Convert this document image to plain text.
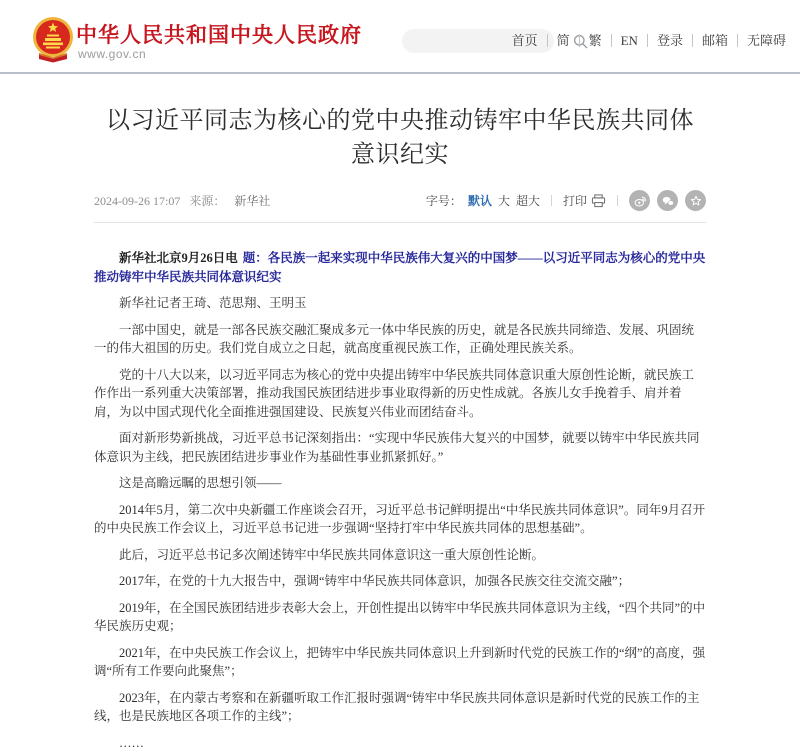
中华人民共和国中央人民政府
www.gov.cn
首页	简	繁	EN	登录	邮箱	无障碍
以习近平同志为核心的党中央推动铸牢中华民族共同体意识纪实
2024-09-26 17:07 来源： 新华社	字号： 默认 大 超大 打印

新华社北京9月26日电 题：各民族一起来实现中华民族伟大复兴的中国梦——以习近平同志为核心的党中央推动铸牢中华民族共同体意识纪实

新华社记者王琦、范思翔、王明玉

一部中国史，就是一部各民族交融汇聚成多元一体中华民族的历史，就是各民族共同缔造、发展、巩固统一的伟大祖国的历史。我们党自成立之日起，就高度重视民族工作，正确处理民族关系。

党的十八大以来，以习近平同志为核心的党中央提出铸牢中华民族共同体意识重大原创性论断，就民族工作作出一系列重大决策部署，推动我国民族团结进步事业取得新的历史性成就。各族儿女手挽着手、肩并着肩，为以中国式现代化全面推进强国建设、民族复兴伟业而团结奋斗。

面对新形势新挑战，习近平总书记深刻指出：“实现中华民族伟大复兴的中国梦，就要以铸牢中华民族共同体意识为主线，把民族团结进步事业作为基础性事业抓紧抓好。”

这是高瞻远瞩的思想引领——

2014年5月，第二次中央新疆工作座谈会召开，习近平总书记鲜明提出“中华民族共同体意识”。同年9月召开的中央民族工作会议上，习近平总书记进一步强调“坚持打牢中华民族共同体的思想基础”。

此后，习近平总书记多次阐述铸牢中华民族共同体意识这一重大原创性论断。

2017年，在党的十九大报告中，强调“铸牢中华民族共同体意识，加强各民族交往交流交融”；

2019年，在全国民族团结进步表彰大会上，开创性提出以铸牢中华民族共同体意识为主线，“四个共同”的中华民族历史观；

2021年，在中央民族工作会议上，把铸牢中华民族共同体意识上升到新时代党的民族工作的“纲”的高度，强调“所有工作要向此聚焦”；

2023年，在内蒙古考察和在新疆听取工作汇报时强调“铸牢中华民族共同体意识是新时代党的民族工作的主线，也是民族地区各项工作的主线”；

……
